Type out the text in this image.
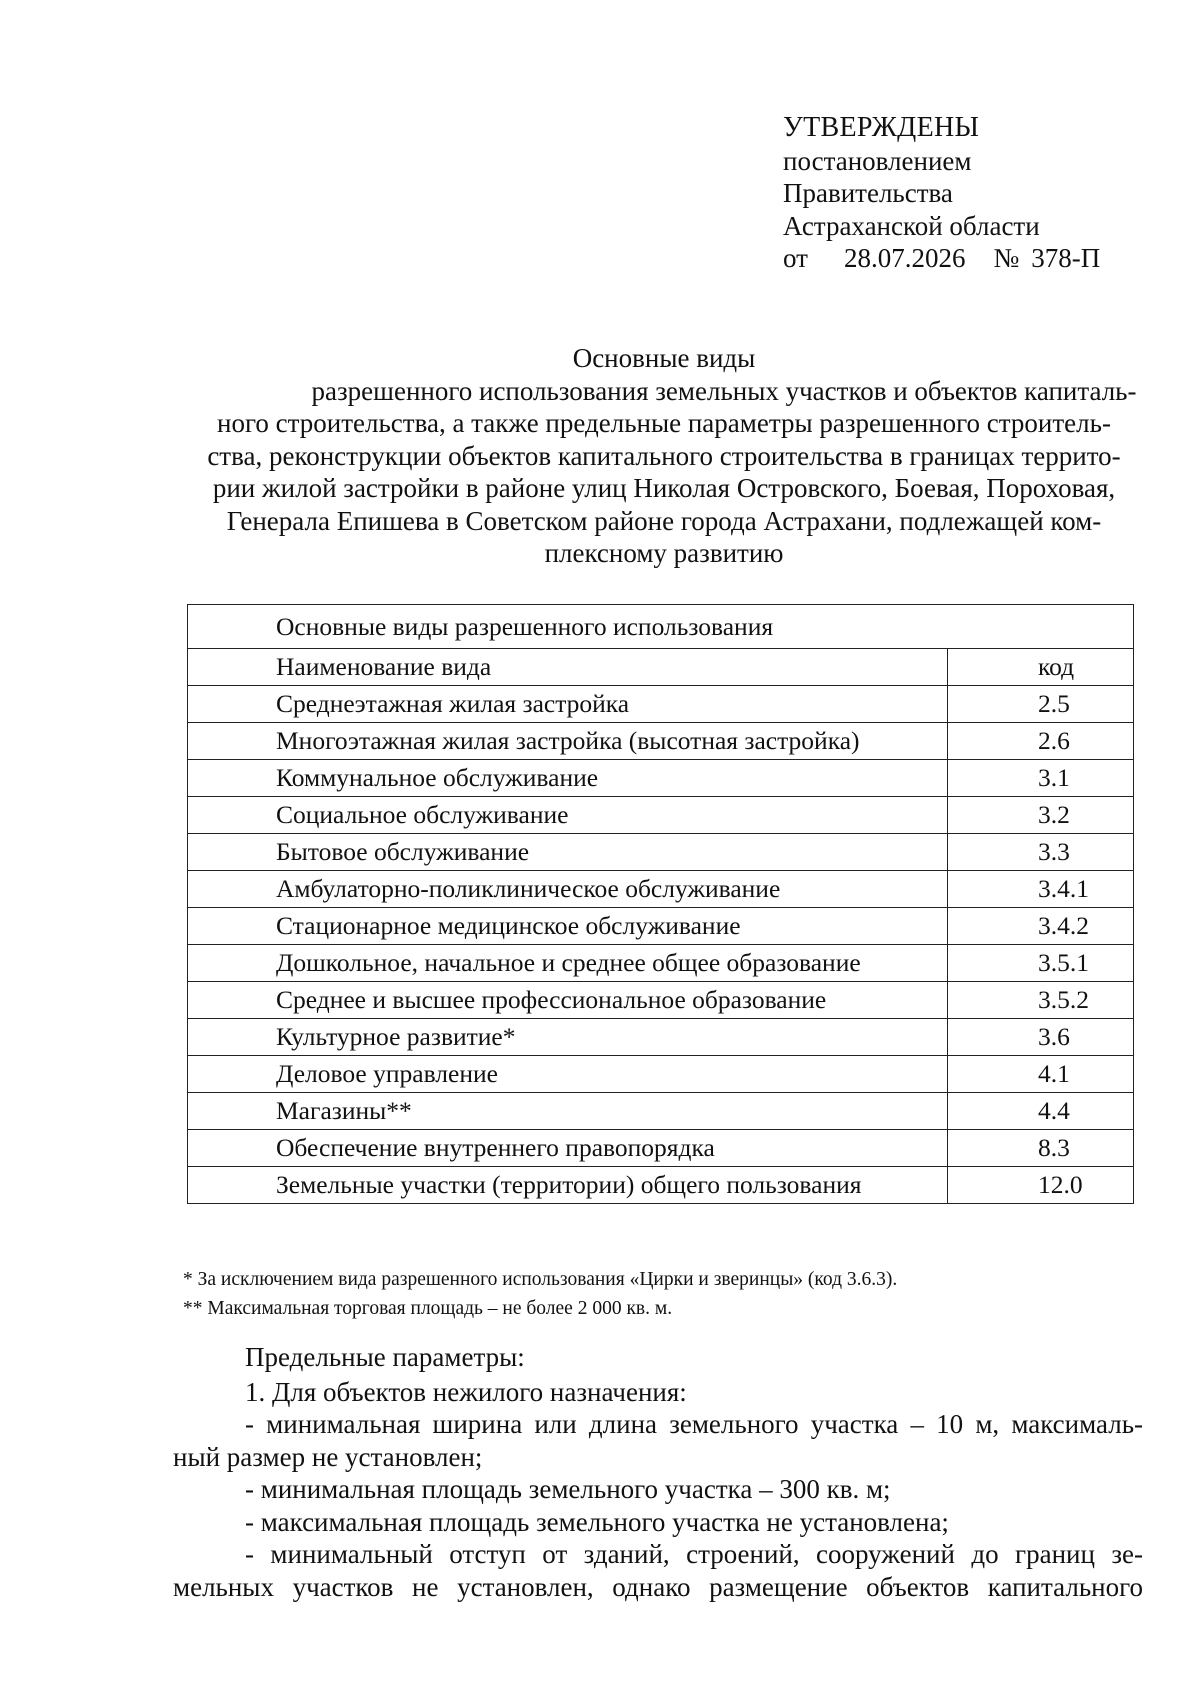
УТВЕРЖДЕНЫ
постановлением
Правительства
Астраханской области
от 28.07.2026 № 378-П
Основные виды
разрешенного использования земельных участков и объектов капиталь-
ного строительства, а также предельные параметры разрешенного строитель-
ства, реконструкции объектов капитального строительства в границах террито-
рии жилой застройки в районе улиц Николая Островского, Боевая, Пороховая,
Генерала Епишева в Советском районе города Астрахани, подлежащей ком-
плексному развитию
Основные виды разрешенного использования	
Наименование вида	код
Среднеэтажная жилая застройка	2.5
Многоэтажная жилая застройка (высотная застройка)	2.6
Коммунальное обслуживание	3.1
Социальное обслуживание	3.2
Бытовое обслуживание	3.3
Амбулаторно-поликлиническое обслуживание	3.4.1
Стационарное медицинское обслуживание	3.4.2
Дошкольное, начальное и среднее общее образование	3.5.1
Среднее и высшее профессиональное образование	3.5.2
Культурное развитие*	3.6
Деловое управление	4.1
Магазины**	4.4
Обеспечение внутреннего правопорядка	8.3
Земельные участки (территории) общего пользования	12.0
* За исключением вида разрешенного использования «Цирки и зверинцы» (код 3.6.3).
** Максимальная торговая площадь – не более 2 000 кв. м.

Предельные параметры:

1. Для объектов нежилого назначения:

- минимальная ширина или длина земельного участка – 10 м, максималь-

ный размер не установлен;

- минимальная площадь земельного участка – 300 кв. м;

- максимальная площадь земельного участка не установлена;

- минимальный отступ от зданий, строений, сооружений до границ зе-

мельных участков не установлен, однако размещение объектов капитального
